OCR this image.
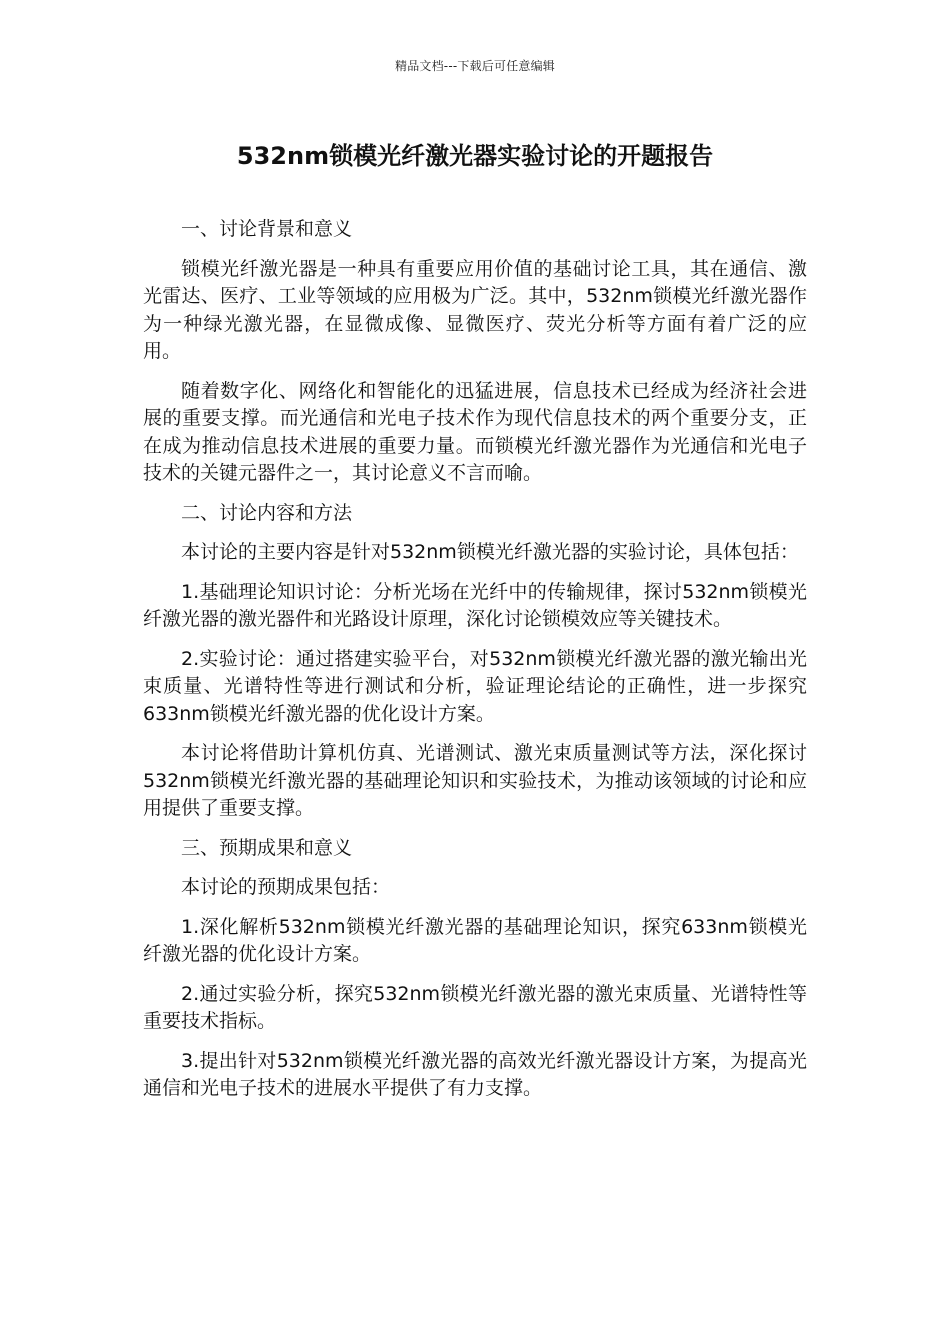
精品文档---下载后可任意编辑
532nm锁模光纤激光器实验讨论的开题报告

一、讨论背景和意义

锁模光纤激光器是一种具有重要应用价值的基础讨论工具，其在通信、激光雷达、医疗、工业等领域的应用极为广泛。其中，532nm锁模光纤激光器作为一种绿光激光器，在显微成像、显微医疗、荧光分析等方面有着广泛的应用。

随着数字化、网络化和智能化的迅猛进展，信息技术已经成为经济社会进展的重要支撑。而光通信和光电子技术作为现代信息技术的两个重要分支，正在成为推动信息技术进展的重要力量。而锁模光纤激光器作为光通信和光电子技术的关键元器件之一，其讨论意义不言而喻。

二、讨论内容和方法

本讨论的主要内容是针对532nm锁模光纤激光器的实验讨论，具体包括：

1.基础理论知识讨论：分析光场在光纤中的传输规律，探讨532nm锁模光纤激光器的激光器件和光路设计原理，深化讨论锁模效应等关键技术。

2.实验讨论：通过搭建实验平台，对532nm锁模光纤激光器的激光输出光束质量、光谱特性等进行测试和分析，验证理论结论的正确性，进一步探究633nm锁模光纤激光器的优化设计方案。

本讨论将借助计算机仿真、光谱测试、激光束质量测试等方法，深化探讨532nm锁模光纤激光器的基础理论知识和实验技术，为推动该领域的讨论和应用提供了重要支撑。

三、预期成果和意义

本讨论的预期成果包括：

1.深化解析532nm锁模光纤激光器的基础理论知识，探究633nm锁模光纤激光器的优化设计方案。

2.通过实验分析，探究532nm锁模光纤激光器的激光束质量、光谱特性等重要技术指标。

3.提出针对532nm锁模光纤激光器的高效光纤激光器设计方案，为提高光通信和光电子技术的进展水平提供了有力支撑。
